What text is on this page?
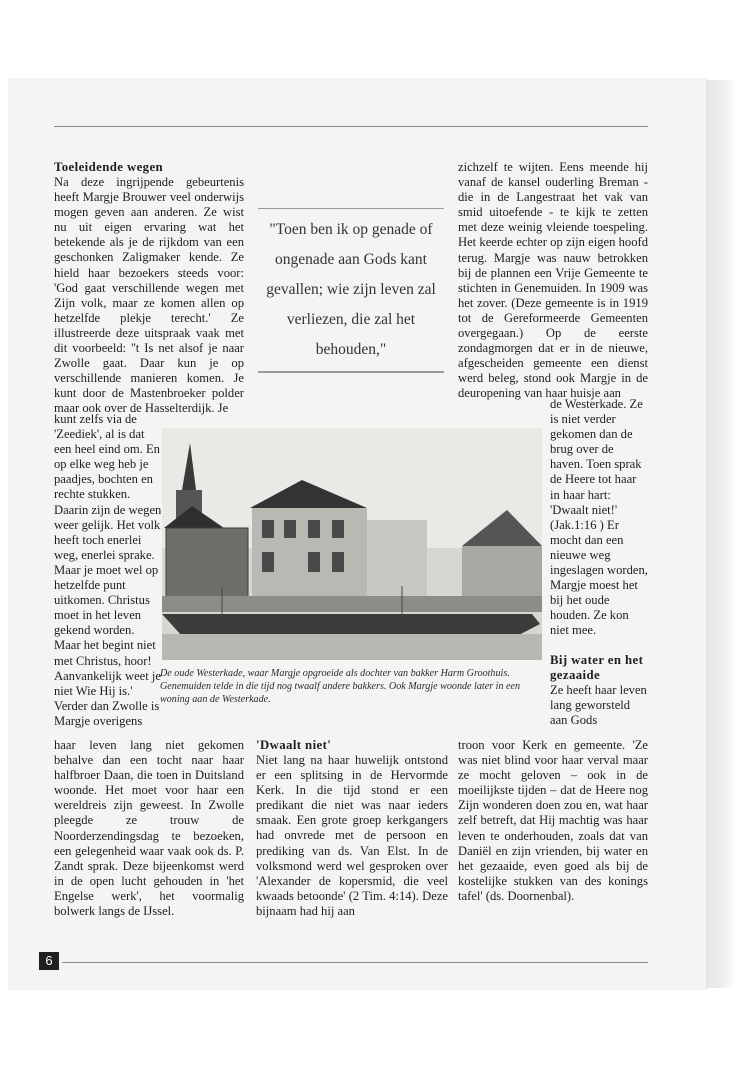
Toeleidende wegen

Na deze ingrijpende gebeurtenis heeft Margje Brouwer veel onderwijs mogen geven aan anderen. Ze wist nu uit eigen ervaring wat het betekende als je de rijkdom van een geschonken Zaligmaker kende. Ze hield haar bezoekers steeds voor: 'God gaat verschillende wegen met Zijn volk, maar ze komen allen op hetzelfde plekje terecht.' Ze illustreerde deze uitspraak vaak met dit voorbeeld: ''t Is net alsof je naar Zwolle gaat. Daar kun je op verschillende manieren komen. Je kunt door de Mastenbroeker polder maar ook over de Hasselterdijk. Je

kunt zelfs via de 'Zeediek', al is dat een heel eind om. En op elke weg heb je paadjes, bochten en rechte stukken. Daarin zijn de wegen weer gelijk. Het volk heeft toch enerlei weg, enerlei sprake. Maar je moet wel op hetzelfde punt uitkomen. Christus moet in het leven gekend worden. Maar het begint niet met Christus, hoor! Aanvankelijk weet je niet Wie Hij is.' Verder dan Zwolle is Margje overigens

haar leven lang niet gekomen behalve dan een tocht naar haar halfbroer Daan, die toen in Duitsland woonde. Het moet voor haar een wereldreis zijn geweest. In Zwolle pleegde ze trouw de Noorderzendingsdag te bezoeken, een gelegenheid waar vaak ook ds. P. Zandt sprak. Deze bijeenkomst werd in de open lucht gehouden in 'het Engelse werk', het voormalig bolwerk langs de IJssel.

"Toen ben ik op genade of ongenade aan Gods kant gevallen; wie zijn leven zal verliezen, die zal het behouden,"
De oude Westerkade, waar Margje opgroeide als dochter van bakker Harm Groothuis. Genemuiden telde in die tijd nog twaalf andere bakkers. Ook Margje woonde later in een woning aan de Westerkade.
'Dwaalt niet'

Niet lang na haar huwelijk ontstond er een splitsing in de Hervormde Kerk. In die tijd stond er een predikant die niet was naar ieders smaak. Een grote groep kerkgangers had onvrede met de persoon en prediking van ds. Van Elst. In de volksmond werd wel gesproken over 'Alexander de kopersmid, die veel kwaads betoonde' (2 Tim. 4:14). Deze bijnaam had hij aan

zichzelf te wijten. Eens meende hij vanaf de kansel ouderling Breman - die in de Langestraat het vak van smid uitoefende - te kijk te zetten met deze weinig vleiende toespeling. Het keerde echter op zijn eigen hoofd terug. Margje was nauw betrokken bij de plannen een Vrije Gemeente te stichten in Genemuiden. In 1909 was het zover. (Deze gemeente is in 1919 tot de Gereformeerde Gemeenten overgegaan.) Op de eerste zondagmorgen dat er in de nieuwe, afgescheiden gemeente een dienst werd beleg, stond ook Margje in de deuropening van haar huisje aan

de Westerkade. Ze is niet verder gekomen dan de brug over de haven. Toen sprak de Heere tot haar in haar hart: 'Dwaalt niet!' (Jak.1:16 ) Er mocht dan een nieuwe weg ingeslagen worden, Margje moest het bij het oude houden. Ze kon niet mee.

Bij water en het gezaaide

Ze heeft haar leven lang geworsteld aan Gods

troon voor Kerk en gemeente. 'Ze was niet blind voor haar verval maar ze mocht geloven – ook in de moeilijkste tijden – dat de Heere nog Zijn wonderen doen zou en, wat haar zelf betreft, dat Hij machtig was haar leven te onderhouden, zoals dat van Daniël en zijn vrienden, bij water en het gezaaide, even goed als bij de kostelijke stukken van des konings tafel' (ds. Doornenbal).

6
